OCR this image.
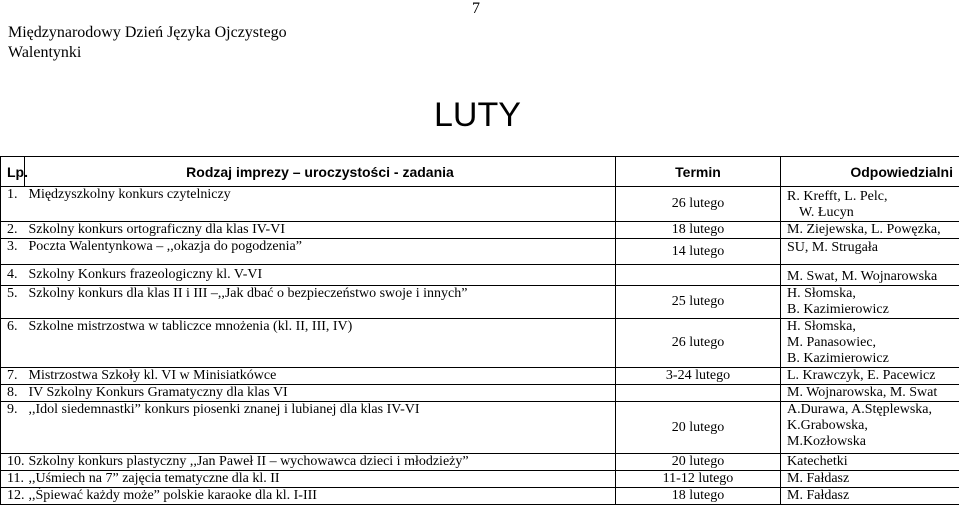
7
Międzynarodowy Dzień Języka Ojczystego
Walentynki
LUTY
Lp.	Rodzaj imprezy – uroczystości - zadania	Termin	Odpowiedzialni
1.	Międzyszkolny konkurs czytelniczy	26 lutego	R. Krefft, L. Pelc,
W. Łucyn

2.	Szkolny konkurs ortograficzny dla klas IV-VI	18 lutego	M. Ziejewska, L. Powęzka,

3.	Poczta Walentynkowa – ,,okazja do pogodzenia”	14 lutego	SU, M. Strugała

4.	Szkolny Konkurs frazeologiczny kl. V-VI		M. Swat, M. Wojnarowska

5.	Szkolny konkurs dla klas II i III –,,Jak dbać o bezpieczeństwo swoje i innych”	25 lutego	H. Słomska,
B. Kazimierowicz

6.	Szkolne mistrzostwa w tabliczce mnożenia (kl. II, III, IV)	26 lutego	H. Słomska,
M. Panasowiec,
B. Kazimierowicz

7.	Mistrzostwa Szkoły kl. VI w Minisiatkówce	3-24 lutego	L. Krawczyk, E. Pacewicz

8.	IV Szkolny Konkurs Gramatyczny dla klas VI		M. Wojnarowska, M. Swat

9.	,,Idol siedemnastki” konkurs piosenki znanej i lubianej dla klas IV-VI	20 lutego	A.Durawa, A.Stęplewska,
K.Grabowska,
M.Kozłowska

10.	Szkolny konkurs plastyczny ,,Jan Paweł II – wychowawca dzieci i młodzieży”	20 lutego	Katechetki

11.	,,Uśmiech na 7” zajęcia tematyczne dla kl. II	11-12 lutego	M. Fałdasz

12.	,,Śpiewać każdy może” polskie karaoke dla kl. I-III	18 lutego	M. Fałdasz
